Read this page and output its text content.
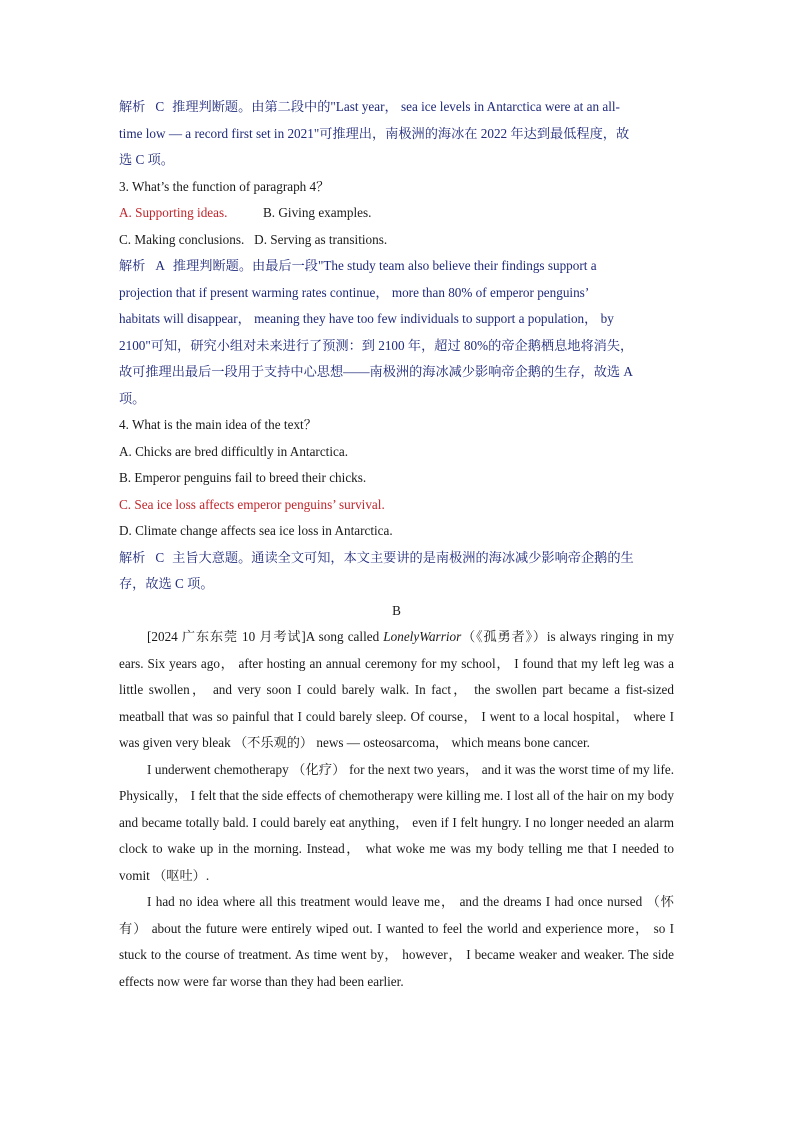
解析 C 推理判断题。由第二段中的"Last year， sea ice levels in Antarctica were at an all-
time low — a record first set in 2021"可推理出，南极洲的海冰在 2022 年达到最低程度，故
选 C 项。
3. What’s the function of paragraph 4？
A. Supporting ideas.	B. Giving examples.
C. Making conclusions. D. Serving as transitions.
解析 A 推理判断题。由最后一段"The study team also believe their findings support a
projection that if present warming rates continue， more than 80% of emperor penguins’
habitats will disappear， meaning they have too few individuals to support a population， by
2100"可知，研究小组对未来进行了预测：到 2100 年，超过 80%的帝企鹅栖息地将消失，
故可推理出最后一段用于支持中心思想——南极洲的海冰减少影响帝企鹅的生存，故选 A
项。
4. What is the main idea of the text？
A. Chicks are bred difficultly in Antarctica.
B. Emperor penguins fail to breed their chicks.
C. Sea ice loss affects emperor penguins’ survival.
D. Climate change affects sea ice loss in Antarctica.
解析 C 主旨大意题。通读全文可知，本文主要讲的是南极洲的海冰减少影响帝企鹅的生
存，故选 C 项。
B
[2024 广东东莞 10 月考试]A song called LonelyWarrior（《孤勇者》）is always ringing in my ears. Six years ago， after hosting an annual ceremony for my school， I found that my left leg was a little swollen， and very soon I could barely walk. In fact， the swollen part became a fist-sized meatball that was so painful that I could barely sleep. Of course， I went to a local hospital， where I was given very bleak （不乐观的） news — osteosarcoma， which means bone cancer.
I underwent chemotherapy （化疗） for the next two years， and it was the worst time of my life. Physically， I felt that the side effects of chemotherapy were killing me. I lost all of the hair on my body and became totally bald. I could barely eat anything， even if I felt hungry. I no longer needed an alarm clock to wake up in the morning. Instead， what woke me was my body telling me that I needed to vomit （呕吐）.
I had no idea where all this treatment would leave me， and the dreams I had once nursed （怀有） about the future were entirely wiped out. I wanted to feel the world and experience more， so I stuck to the course of treatment. As time went by， however， I became weaker and weaker. The side effects now were far worse than they had been earlier.
